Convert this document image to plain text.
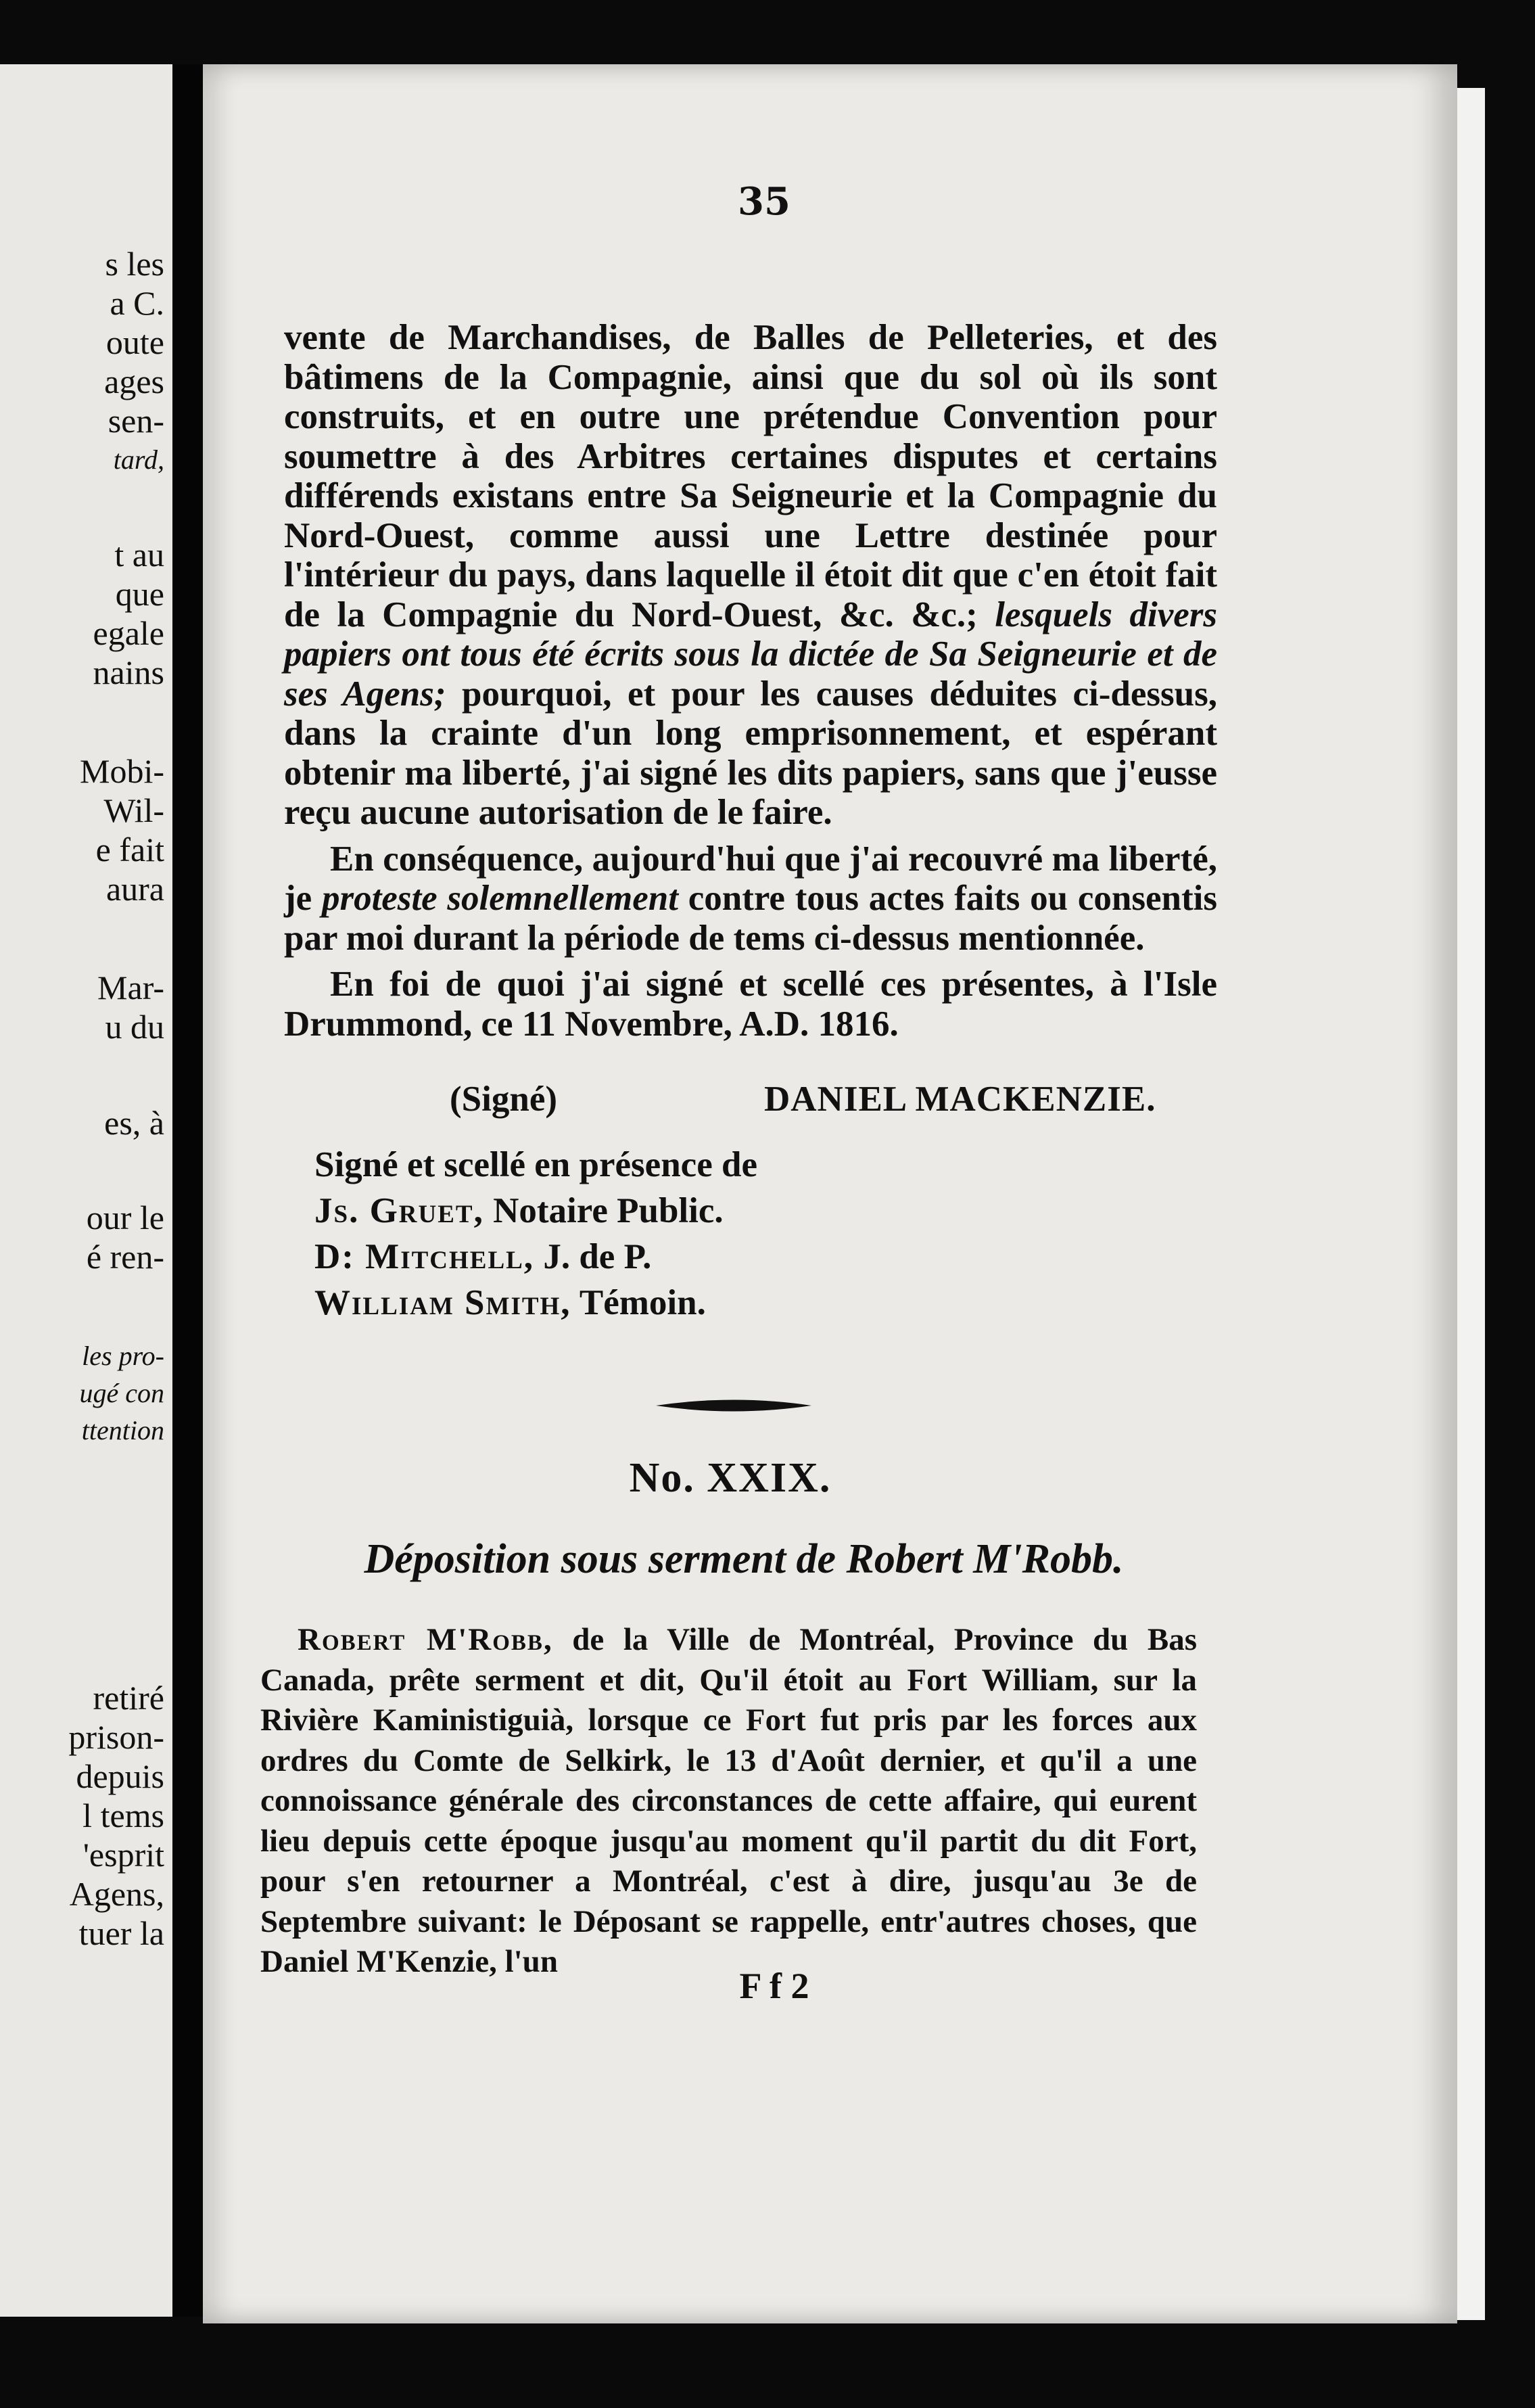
s les
a C.
oute
ages
sen-
tard,
t au
que
egale
nains
Mobi-
Wil-
e fait
aura
Mar-
u du
es, à
our le
é ren-
les pro-
ugé con
ttention
retiré
prison-
depuis
l tems
'esprit
Agens,
tuer la
35

vente de Marchandises, de Balles de Pelleteries, et des bâtimens de la Compagnie, ainsi que du sol où ils sont construits, et en outre une prétendue Convention pour soumettre à des Arbitres certaines disputes et certains différends existans entre Sa Seigneurie et la Compagnie du Nord-Ouest, comme aussi une Lettre destinée pour l'intérieur du pays, dans laquelle il étoit dit que c'en étoit fait de la Compagnie du Nord-Ouest, &c. &c.; lesquels divers papiers ont tous été écrits sous la dictée de Sa Seigneurie et de ses Agens; pourquoi, et pour les causes déduites ci-dessus, dans la crainte d'un long emprisonnement, et espérant obtenir ma liberté, j'ai signé les dits papiers, sans que j'eusse reçu aucune autorisation de le faire.

En conséquence, aujourd'hui que j'ai recouvré ma liberté, je proteste solemnellement contre tous actes faits ou consentis par moi durant la période de tems ci-dessus mentionnée.

En foi de quoi j'ai signé et scellé ces présentes, à l'Isle Drummond, ce 11 Novembre, A.D. 1816.

(Signé)	DANIEL MACKENZIE.
Signé et scellé en présence de
Js. Gruet, Notaire Public.
D: Mitchell, J. de P.
William Smith, Témoin.
No. XXIX.
Déposition sous serment de Robert M'Robb.
Robert M'Robb, de la Ville de Montréal, Province du Bas Canada, prête serment et dit, Qu'il étoit au Fort William, sur la Rivière Kaministiguià, lorsque ce Fort fut pris par les forces aux ordres du Comte de Selkirk, le 13 d'Août dernier, et qu'il a une connoissance générale des circonstances de cette affaire, qui eurent lieu depuis cette époque jusqu'au moment qu'il partit du dit Fort, pour s'en retourner a Montréal, c'est à dire, jusqu'au 3e de Septembre suivant: le Déposant se rappelle, entr'autres choses, que Daniel M'Kenzie, l'un
F f 2
